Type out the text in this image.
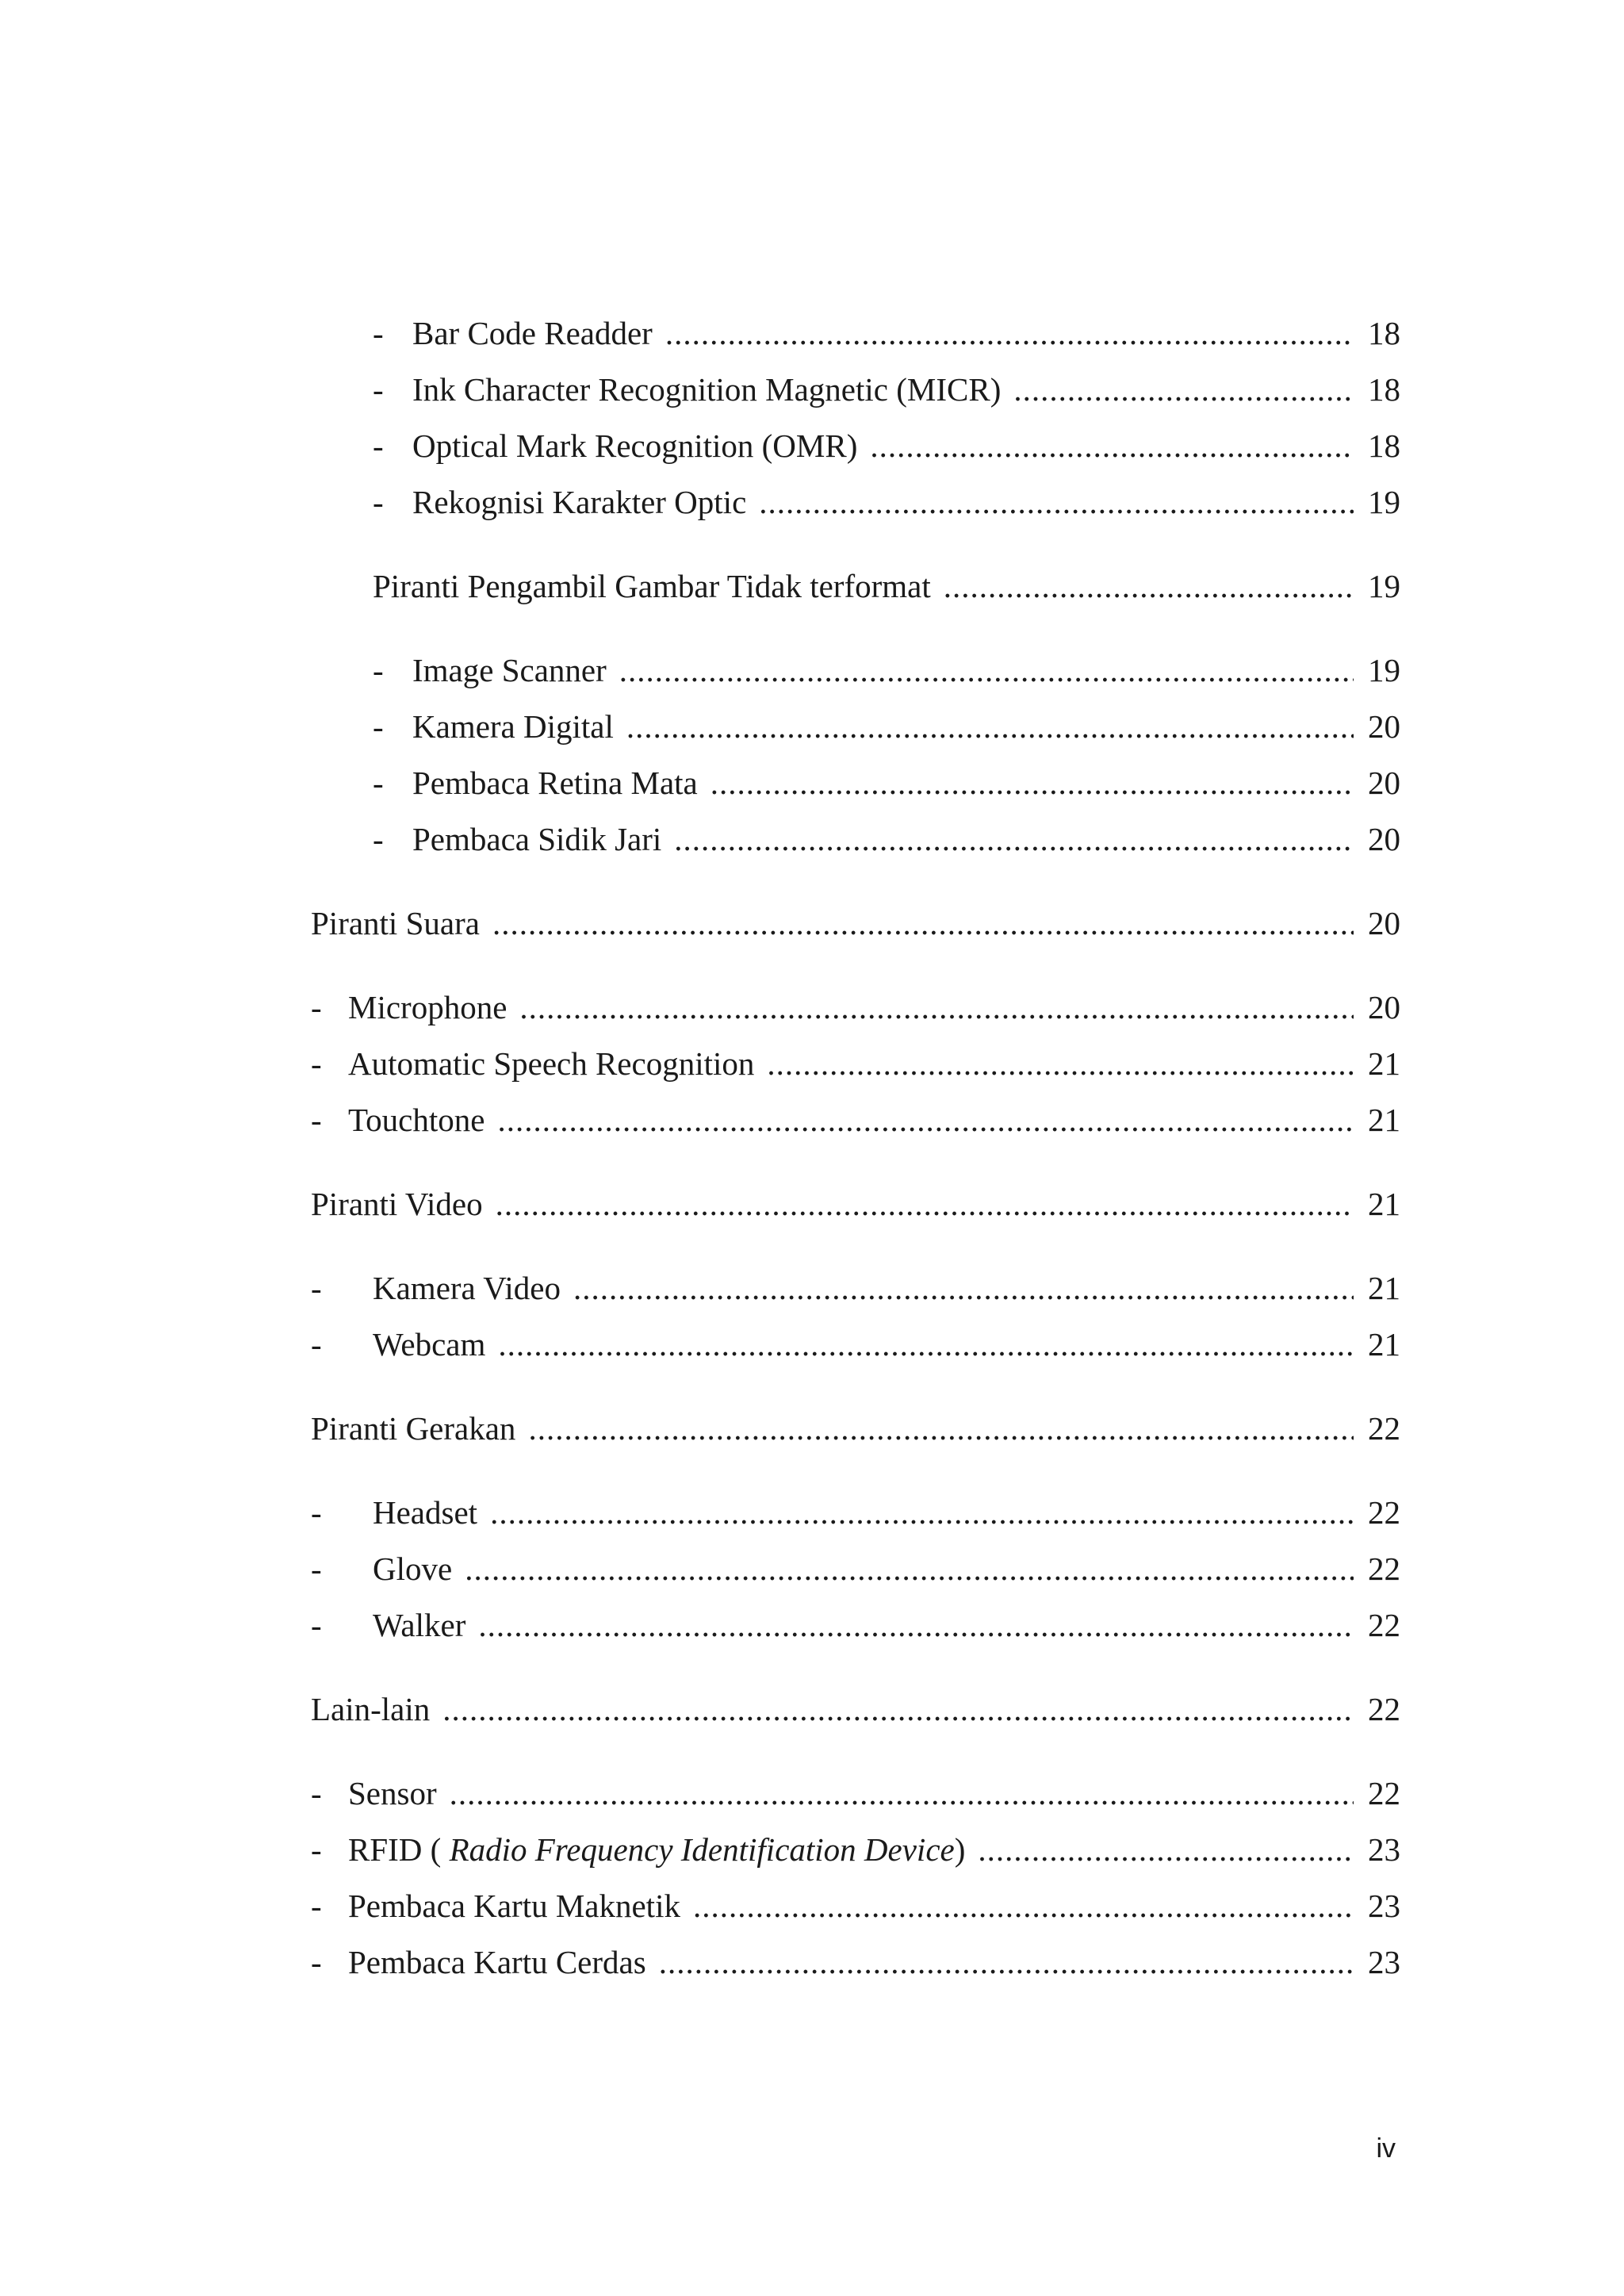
- Bar Code Readder .....	18
- Ink Character Recognition Magnetic (MICR) .....	18
- Optical Mark Recognition (OMR) .....	18
- Rekognisi Karakter Optic .....	19
Piranti Pengambil Gambar Tidak terformat .....	19
- Image Scanner .....	19
- Kamera Digital .....	20
- Pembaca Retina Mata .....	20
- Pembaca Sidik Jari .....	20
Piranti Suara .....	20
- Microphone .....	20
- Automatic Speech Recognition .....	21
- Touchtone .....	21
Piranti Video .....	21
-	Kamera Video .....	21
-	Webcam .....	21
Piranti Gerakan .....	22
-	Headset .....	22
-	Glove .....	22
-	Walker .....	22
Lain-lain .....	22
- Sensor .....	22
- RFID ( Radio Frequency Identification Device) .....	23
- Pembaca Kartu Maknetik .....	23
- Pembaca Kartu Cerdas .....	23
iv
